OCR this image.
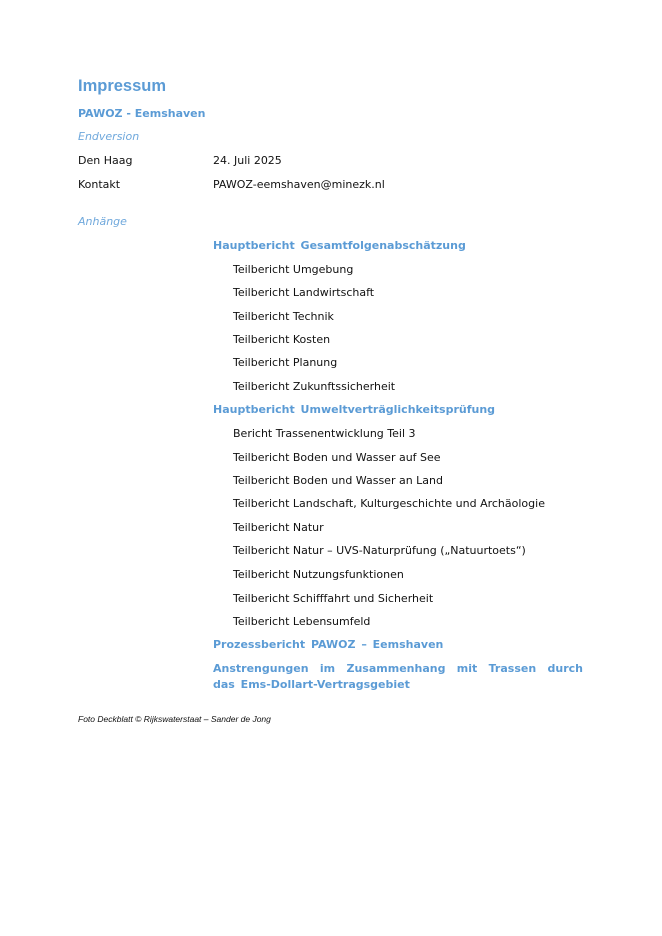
Impressum
PAWOZ - Eemshaven
Endversion
Den Haag	24. Juli 2025
Kontakt	PAWOZ-eemshaven@minezk.nl
Anhänge
Hauptbericht Gesamtfolgenabschätzung
Teilbericht Umgebung
Teilbericht Landwirtschaft
Teilbericht Technik
Teilbericht Kosten
Teilbericht Planung
Teilbericht Zukunftssicherheit
Hauptbericht Umweltverträglichkeitsprüfung
Bericht Trassenentwicklung Teil 3
Teilbericht Boden und Wasser auf See
Teilbericht Boden und Wasser an Land
Teilbericht Landschaft, Kulturgeschichte und Archäologie
Teilbericht Natur
Teilbericht Natur – UVS-Naturprüfung („Natuurtoets“)
Teilbericht Nutzungsfunktionen
Teilbericht Schifffahrt und Sicherheit
Teilbericht Lebensumfeld
Prozessbericht PAWOZ – Eemshaven
Anstrengungen im Zusammenhang mit Trassen durch das Ems-Dollart-Vertragsgebiet
Foto Deckblatt © Rijkswaterstaat – Sander de Jong
